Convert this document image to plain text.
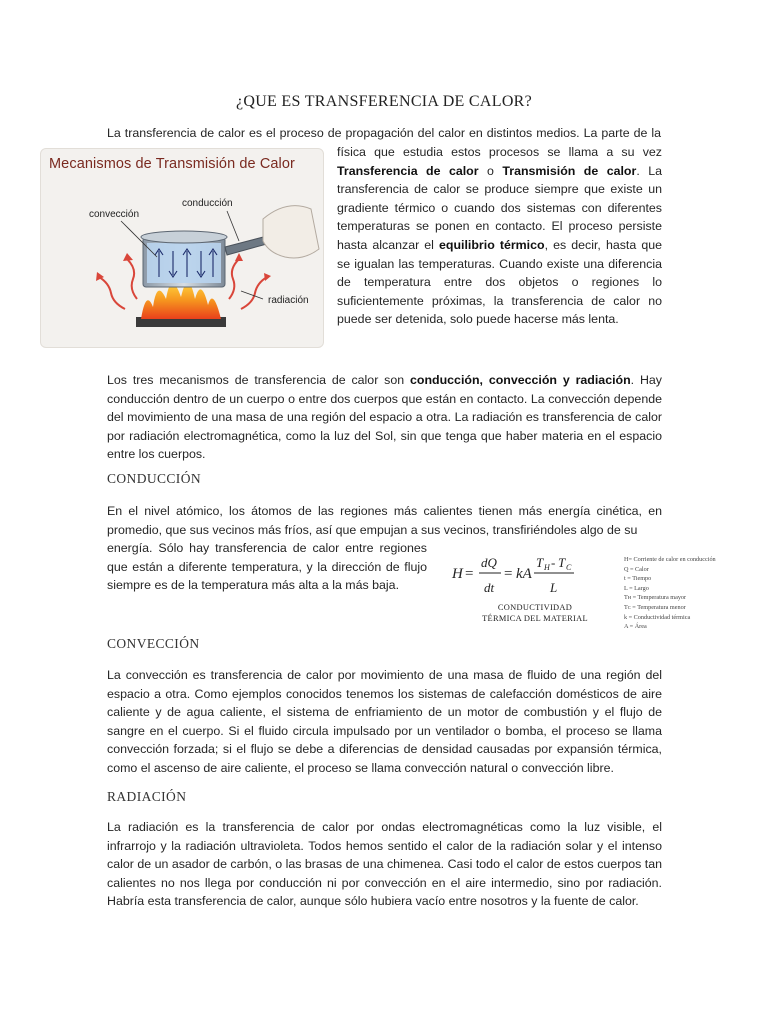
¿QUE ES TRANSFERENCIA DE CALOR?
La transferencia de calor es el proceso de propagación del calor en distintos medios. La parte de la
Mecanismos de Transmisión de Calor
convección
conducción
radiación
física que estudia estos procesos se llama a su vez Transferencia de calor o Transmisión de calor. La transferencia de calor se produce siempre que existe un gradiente térmico o cuando dos sistemas con diferentes temperaturas se ponen en contacto. El proceso persiste hasta alcanzar el equilibrio térmico, es decir, hasta que se igualan las temperaturas. Cuando existe una diferencia de temperatura entre dos objetos o regiones lo suficientemente próximas, la transferencia de calor no puede ser detenida, solo puede hacerse más lenta.
Los tres mecanismos de transferencia de calor son conducción, convección y radiación. Hay conducción dentro de un cuerpo o entre dos cuerpos que están en contacto. La convección depende del movimiento de una masa de una región del espacio a otra. La radiación es transferencia de calor por radiación electromagnética, como la luz del Sol, sin que tenga que haber materia en el espacio entre los cuerpos.
CONDUCCIÓN
En el nivel atómico, los átomos de las regiones más calientes tienen más energía cinética, en promedio, que sus vecinos más fríos, así que empujan a sus vecinos, transfiriéndoles algo de su
energía. Sólo hay transferencia de calor entre regiones que están a diferente temperatura, y la dirección de flujo siempre es de la temperatura más alta a la más baja.
H =
dQ
dt
= kA
T H - T C
L
CONDUCTIVIDAD
TÉRMICA DEL MATERIAL
H= Corriente de calor en conducción
Q = Calor
t = Tiempo
L = Largo
Tʜ = Temperatura mayor
Tᴄ = Temperatura menor
k = Conductividad térmica
A = Área
CONVECCIÓN
La convección es transferencia de calor por movimiento de una masa de fluido de una región del espacio a otra. Como ejemplos conocidos tenemos los sistemas de calefacción domésticos de aire caliente y de agua caliente, el sistema de enfriamiento de un motor de combustión y el flujo de sangre en el cuerpo. Si el fluido circula impulsado por un ventilador o bomba, el proceso se llama convección forzada; si el flujo se debe a diferencias de densidad causadas por expansión térmica, como el ascenso de aire caliente, el proceso se llama convección natural o convección libre.
RADIACIÓN
La radiación es la transferencia de calor por ondas electromagnéticas como la luz visible, el infrarrojo y la radiación ultravioleta. Todos hemos sentido el calor de la radiación solar y el intenso calor de un asador de carbón, o las brasas de una chimenea. Casi todo el calor de estos cuerpos tan calientes no nos llega por conducción ni por convección en el aire intermedio, sino por radiación. Habría esta transferencia de calor, aunque sólo hubiera vacío entre nosotros y la fuente de calor.
